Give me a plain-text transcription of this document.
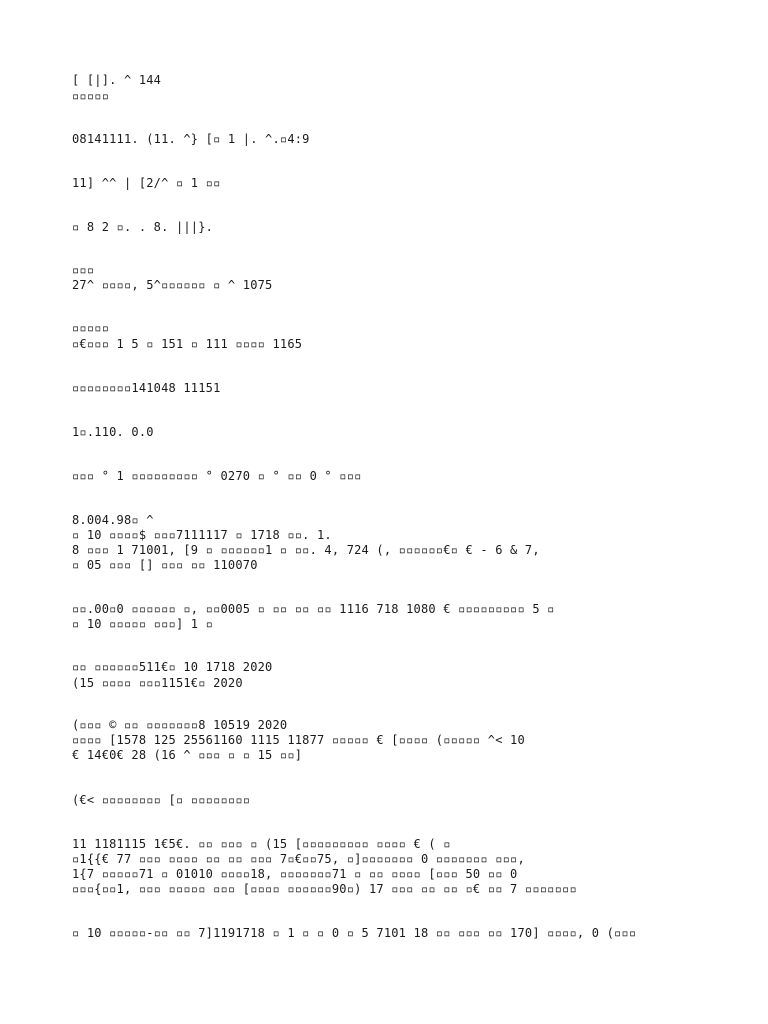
[ [|]. ^ 144
▫▫▫▫▫
08141111. (11. ^} [▫ 1 |. ^.▫4:9
11] ^^ | [2/^ ▫ 1 ▫▫
▫ 8 2 ▫. . 8. |||}.
▫▫▫
27^ ▫▫▫▫, 5^▫▫▫▫▫▫ ▫ ^ 1075
▫▫▫▫▫
▫€▫▫▫ 1 5 ▫ 151 ▫ 111 ▫▫▫▫ 1165
▫▫▫▫▫▫▫▫141048 11151
1▫.110. 0.0
▫▫▫ ° 1 ▫▫▫▫▫▫▫▫▫ ° 0270 ▫ ° ▫▫ 0 ° ▫▫▫
8.004.98▫ ^
▫ 10 ▫▫▫▫$ ▫▫▫7111117 ▫ 1718 ▫▫. 1.
8 ▫▫▫ 1 71001, [9 ▫ ▫▫▫▫▫▫1 ▫ ▫▫. 4, 724 (, ▫▫▫▫▫▫€▫ € - 6 & 7,
▫ 05 ▫▫▫ [] ▫▫▫ ▫▫ 110070
▫▫.00▫0 ▫▫▫▫▫▫ ▫, ▫▫0005 ▫ ▫▫ ▫▫ ▫▫ 1116 718 1080 € ▫▫▫▫▫▫▫▫▫ 5 ▫
▫ 10 ▫▫▫▫▫ ▫▫▫] 1 ▫
▫▫ ▫▫▫▫▫▫511€▫ 10 1718 2020
(15 ▫▫▫▫ ▫▫▫1151€▫ 2020
(▫▫▫ © ▫▫ ▫▫▫▫▫▫▫8 10519 2020
▫▫▫▫ [1578 125 25561160 1115 11877 ▫▫▫▫▫ € [▫▫▫▫ (▫▫▫▫▫ ^< 10
€ 14€0€ 28 (16 ^ ▫▫▫ ▫ ▫ 15 ▫▫]
(€< ▫▫▫▫▫▫▫▫ [▫ ▫▫▫▫▫▫▫▫
11 1181115 1€5€. ▫▫ ▫▫▫ ▫ (15 [▫▫▫▫▫▫▫▫▫ ▫▫▫▫ € ( ▫
▫1{{€ 77 ▫▫▫ ▫▫▫▫ ▫▫ ▫▫ ▫▫▫ 7▫€▫▫75, ▫]▫▫▫▫▫▫▫ 0 ▫▫▫▫▫▫▫ ▫▫▫,
1{7 ▫▫▫▫▫71 ▫ 01010 ▫▫▫▫18, ▫▫▫▫▫▫▫71 ▫ ▫▫ ▫▫▫▫ [▫▫▫ 50 ▫▫ 0
▫▫▫{▫▫1, ▫▫▫ ▫▫▫▫▫ ▫▫▫ [▫▫▫▫ ▫▫▫▫▫▫90▫) 17 ▫▫▫ ▫▫ ▫▫ ▫€ ▫▫ 7 ▫▫▫▫▫▫▫
▫ 10 ▫▫▫▫▫-▫▫ ▫▫ 7]1191718 ▫ 1 ▫ ▫ 0 ▫ 5 7101 18 ▫▫ ▫▫▫ ▫▫ 170] ▫▫▫▫, 0 (▫▫▫
